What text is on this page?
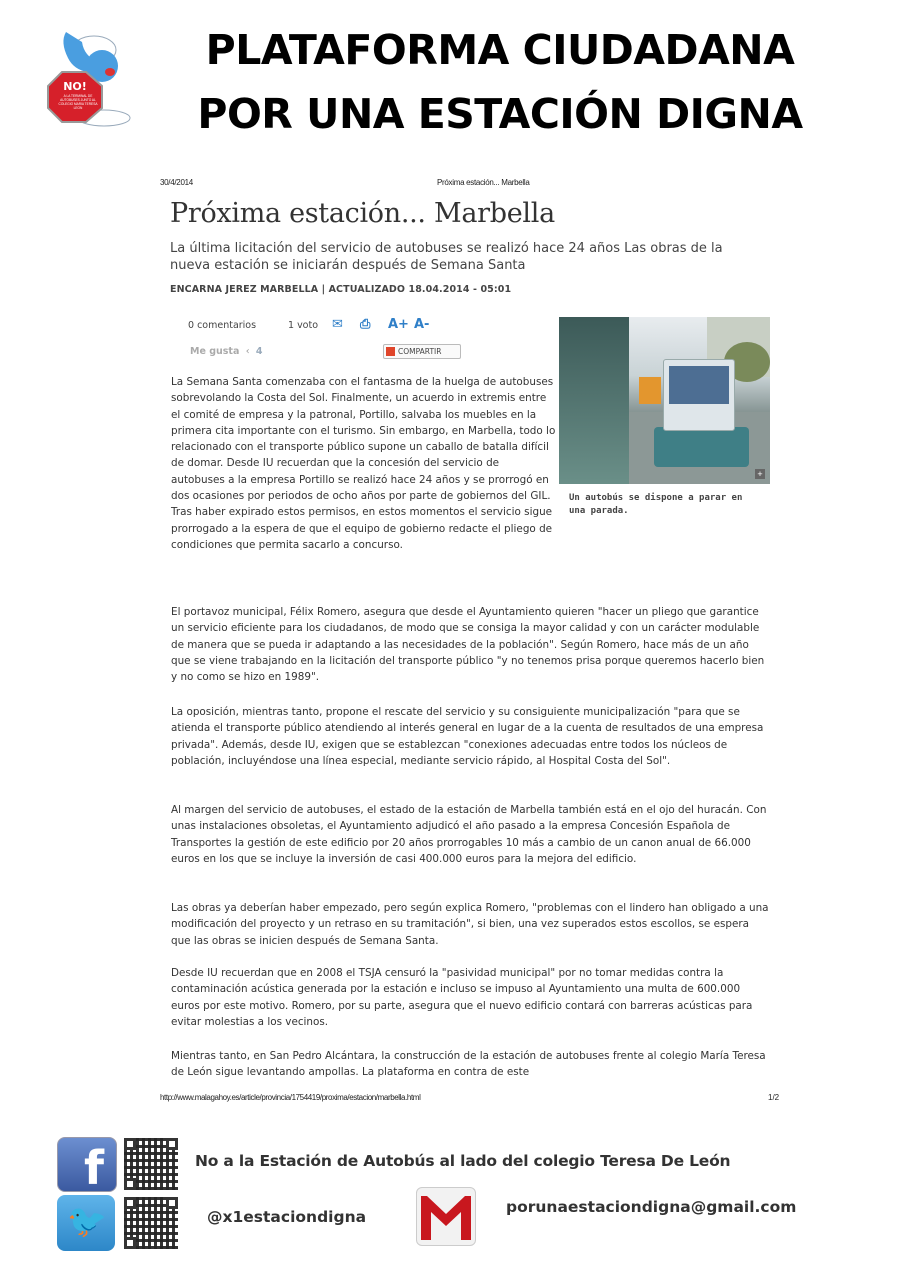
NO!
A LA TERMINAL DE AUTOBUSES JUNTO AL COLEGIO MARIA TERESA LEON
PLATAFORMA CIUDADANA
POR UNA ESTACIÓN DIGNA
30/4/2014	Próxima estación... Marbella
Próxima estación... Marbella
La última licitación del servicio de autobuses se realizó hace 24 años Las obras de la nueva estación se iniciarán después de Semana Santa
ENCARNA JEREZ MARBELLA | ACTUALIZADO 18.04.2014 - 05:01
0 comentarios	1 voto ✉ ⎙ A+ A-
Me gusta ‹ 4	COMPARTIR
+
Un autobús se dispone a parar en una parada.
La Semana Santa comenzaba con el fantasma de la huelga de autobuses sobrevolando la Costa del Sol. Finalmente, un acuerdo in extremis entre el comité de empresa y la patronal, Portillo, salvaba los muebles en la primera cita importante con el turismo. Sin embargo, en Marbella, todo lo relacionado con el transporte público supone un caballo de batalla difícil de domar. Desde IU recuerdan que la concesión del servicio de autobuses a la empresa Portillo se realizó hace 24 años y se prorrogó en dos ocasiones por periodos de ocho años por parte de gobiernos del GIL. Tras haber expirado estos permisos, en estos momentos el servicio sigue prorrogado a la espera de que el equipo de gobierno redacte el pliego de condiciones que permita sacarlo a concurso.
El portavoz municipal, Félix Romero, asegura que desde el Ayuntamiento quieren "hacer un pliego que garantice un servicio eficiente para los ciudadanos, de modo que se consiga la mayor calidad y con un carácter modulable de manera que se pueda ir adaptando a las necesidades de la población". Según Romero, hace más de un año que se viene trabajando en la licitación del transporte público "y no tenemos prisa porque queremos hacerlo bien y no como se hizo en 1989".
La oposición, mientras tanto, propone el rescate del servicio y su consiguiente municipalización "para que se atienda el transporte público atendiendo al interés general en lugar de a la cuenta de resultados de una empresa privada". Además, desde IU, exigen que se establezcan "conexiones adecuadas entre todos los núcleos de población, incluyéndose una línea especial, mediante servicio rápido, al Hospital Costa del Sol".
Al margen del servicio de autobuses, el estado de la estación de Marbella también está en el ojo del huracán. Con unas instalaciones obsoletas, el Ayuntamiento adjudicó el año pasado a la empresa Concesión Española de Transportes la gestión de este edificio por 20 años prorrogables 10 más a cambio de un canon anual de 66.000 euros en los que se incluye la inversión de casi 400.000 euros para la mejora del edificio.
Las obras ya deberían haber empezado, pero según explica Romero, "problemas con el lindero han obligado a una modificación del proyecto y un retraso en su tramitación", si bien, una vez superados estos escollos, se espera que las obras se inicien después de Semana Santa.
Desde IU recuerdan que en 2008 el TSJA censuró la "pasividad municipal" por no tomar medidas contra la contaminación acústica generada por la estación e incluso se impuso al Ayuntamiento una multa de 600.000 euros por este motivo. Romero, por su parte, asegura que el nuevo edificio contará con barreras acústicas para evitar molestias a los vecinos.
Mientras tanto, en San Pedro Alcántara, la construcción de la estación de autobuses frente al colegio María Teresa de León sigue levantando ampollas. La plataforma en contra de este
http://www.malagahoy.es/article/provincia/1754419/proxima/estacion/marbella.html	1/2
f
🐦
No a la Estación de Autobús al lado del colegio Teresa De León
@x1estaciondigna
porunaestaciondigna@gmail.com
